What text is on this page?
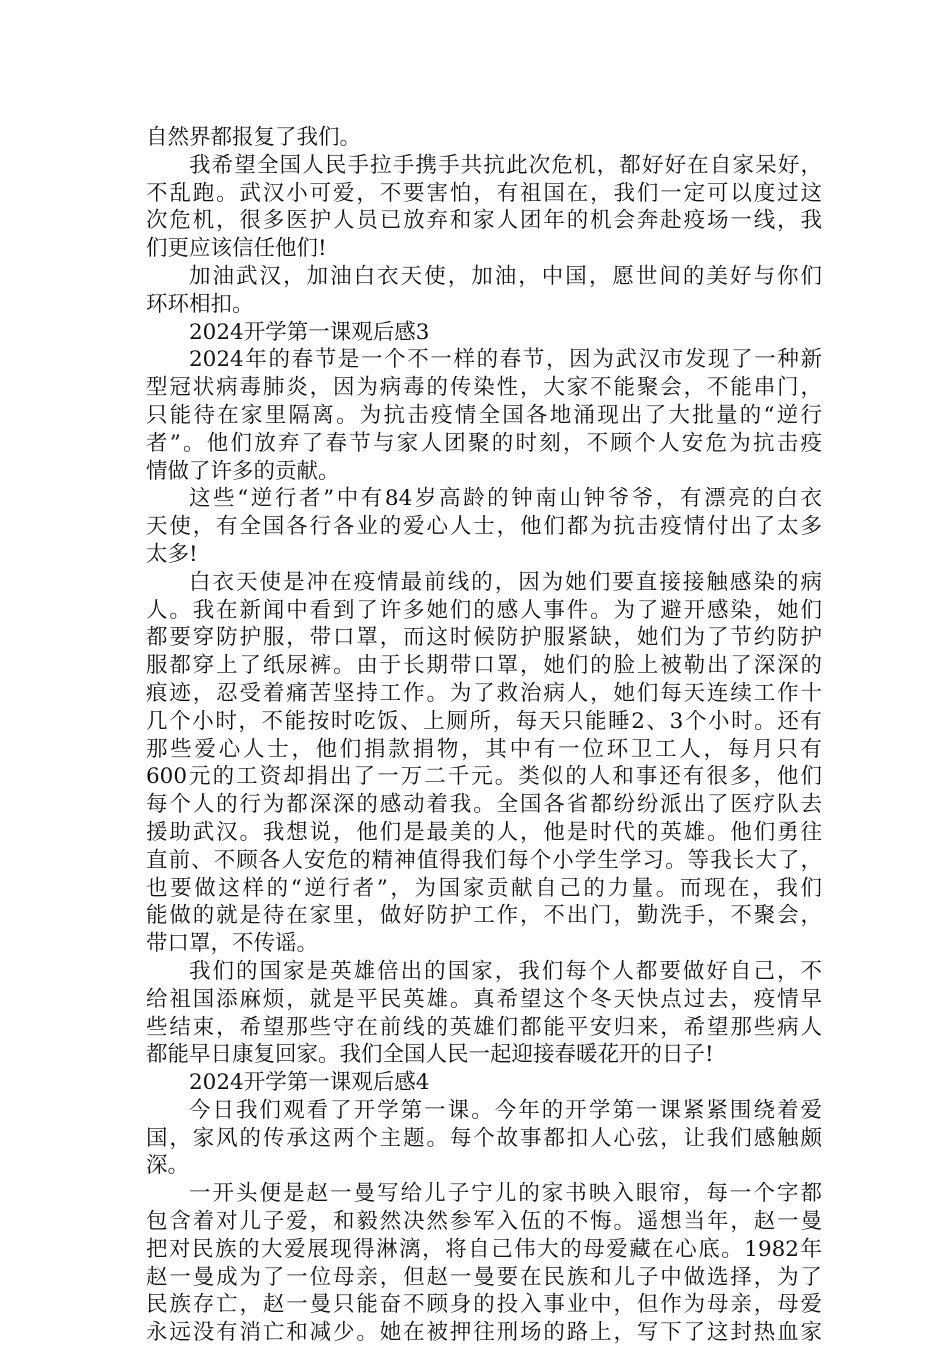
自然界都报复了我们。
我希望全国人民手拉手携手共抗此次危机，都好好在自家呆好，
不乱跑。武汉小可爱，不要害怕，有祖国在，我们一定可以度过这
次危机，很多医护人员已放弃和家人团年的机会奔赴疫场一线，我
们更应该信任他们!
加油武汉，加油白衣天使，加油，中国，愿世间的美好与你们
环环相扣。
2024开学第一课观后感3
2024年的春节是一个不一样的春节，因为武汉市发现了一种新
型冠状病毒肺炎，因为病毒的传染性，大家不能聚会，不能串门，
只能待在家里隔离。为抗击疫情全国各地涌现出了大批量的“逆行
者”。他们放弃了春节与家人团聚的时刻，不顾个人安危为抗击疫
情做了许多的贡献。
这些“逆行者”中有84岁高龄的钟南山钟爷爷，有漂亮的白衣
天使，有全国各行各业的爱心人士，他们都为抗击疫情付出了太多
太多!
白衣天使是冲在疫情最前线的，因为她们要直接接触感染的病
人。我在新闻中看到了许多她们的感人事件。为了避开感染，她们
都要穿防护服，带口罩，而这时候防护服紧缺，她们为了节约防护
服都穿上了纸尿裤。由于长期带口罩，她们的脸上被勒出了深深的
痕迹，忍受着痛苦坚持工作。为了救治病人，她们每天连续工作十
几个小时，不能按时吃饭、上厕所，每天只能睡2、3个小时。还有
那些爱心人士，他们捐款捐物，其中有一位环卫工人，每月只有
600元的工资却捐出了一万二千元。类似的人和事还有很多，他们
每个人的行为都深深的感动着我。全国各省都纷纷派出了医疗队去
援助武汉。我想说，他们是最美的人，他是时代的英雄。他们勇往
直前、不顾各人安危的精神值得我们每个小学生学习。等我长大了，
也要做这样的“逆行者”，为国家贡献自己的力量。而现在，我们
能做的就是待在家里，做好防护工作，不出门，勤洗手，不聚会，
带口罩，不传谣。
我们的国家是英雄倍出的国家，我们每个人都要做好自己，不
给祖国添麻烦，就是平民英雄。真希望这个冬天快点过去，疫情早
些结束，希望那些守在前线的英雄们都能平安归来，希望那些病人
都能早日康复回家。我们全国人民一起迎接春暖花开的日子!
2024开学第一课观后感4
今日我们观看了开学第一课。今年的开学第一课紧紧围绕着爱
国，家风的传承这两个主题。每个故事都扣人心弦，让我们感触颇
深。
一开头便是赵一曼写给儿子宁儿的家书映入眼帘，每一个字都
包含着对儿子爱，和毅然决然参军入伍的不悔。遥想当年，赵一曼
把对民族的大爱展现得淋漓，将自己伟大的母爱藏在心底。1982年
赵一曼成为了一位母亲，但赵一曼要在民族和儿子中做选择，为了
民族存亡，赵一曼只能奋不顾身的投入事业中，但作为母亲，母爱
永远没有消亡和减少。她在被押往刑场的路上，写下了这封热血家
